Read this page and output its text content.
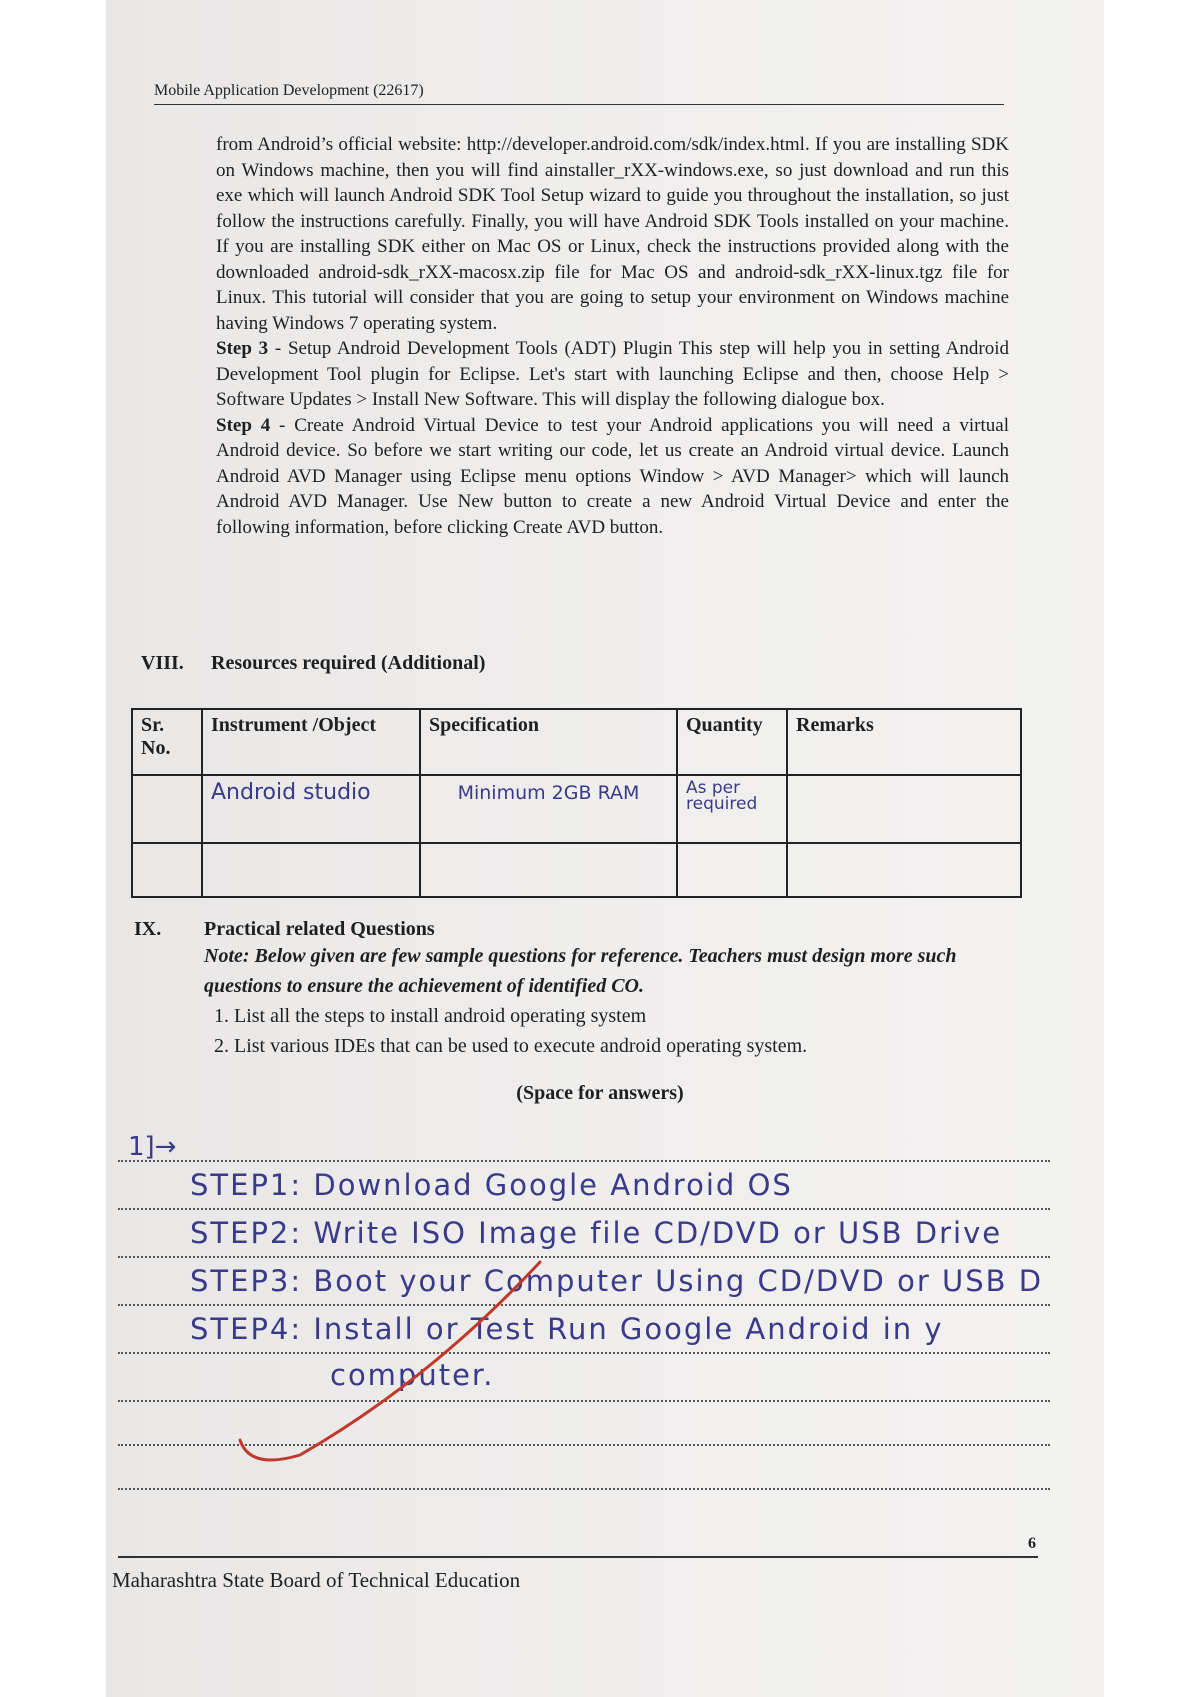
Mobile Application Development (22617)

from Android’s official website: http://developer.android.com/sdk/index.html. If you are installing SDK on Windows machine, then you will find ainstaller_rXX-windows.exe, so just download and run this exe which will launch Android SDK Tool Setup wizard to guide you throughout the installation, so just follow the instructions carefully. Finally, you will have Android SDK Tools installed on your machine. If you are installing SDK either on Mac OS or Linux, check the instructions provided along with the downloaded android-sdk_rXX-macosx.zip file for Mac OS and android-sdk_rXX-linux.tgz file for Linux. This tutorial will consider that you are going to setup your environment on Windows machine having Windows 7 operating system.

Step 3 - Setup Android Development Tools (ADT) Plugin This step will help you in setting Android Development Tool plugin for Eclipse. Let's start with launching Eclipse and then, choose Help > Software Updates > Install New Software. This will display the following dialogue box.

Step 4 - Create Android Virtual Device to test your Android applications you will need a virtual Android device. So before we start writing our code, let us create an Android virtual device. Launch Android AVD Manager using Eclipse menu options Window > AVD Manager> which will launch Android AVD Manager. Use New button to create a new Android Virtual Device and enter the following information, before clicking Create AVD button.

VIII. Resources required (Additional)
Sr. No.	Instrument /Object	Specification	Quantity	Remarks
	Android studio	Minimum 2GB RAM	As per required	

IX. Practical related Questions
Note: Below given are few sample questions for reference. Teachers must design more such questions to ensure the achievement of identified CO.
1. List all the steps to install android operating system
2. List various IDEs that can be used to execute android operating system.
(Space for answers)
1]→
STEP1: Download Google Android OS
STEP2: Write ISO Image file CD/DVD or USB Drive
STEP3: Boot your Computer Using CD/DVD or USB D
STEP4: Install or Test Run Google Android in y
computer.
6
Maharashtra State Board of Technical Education
